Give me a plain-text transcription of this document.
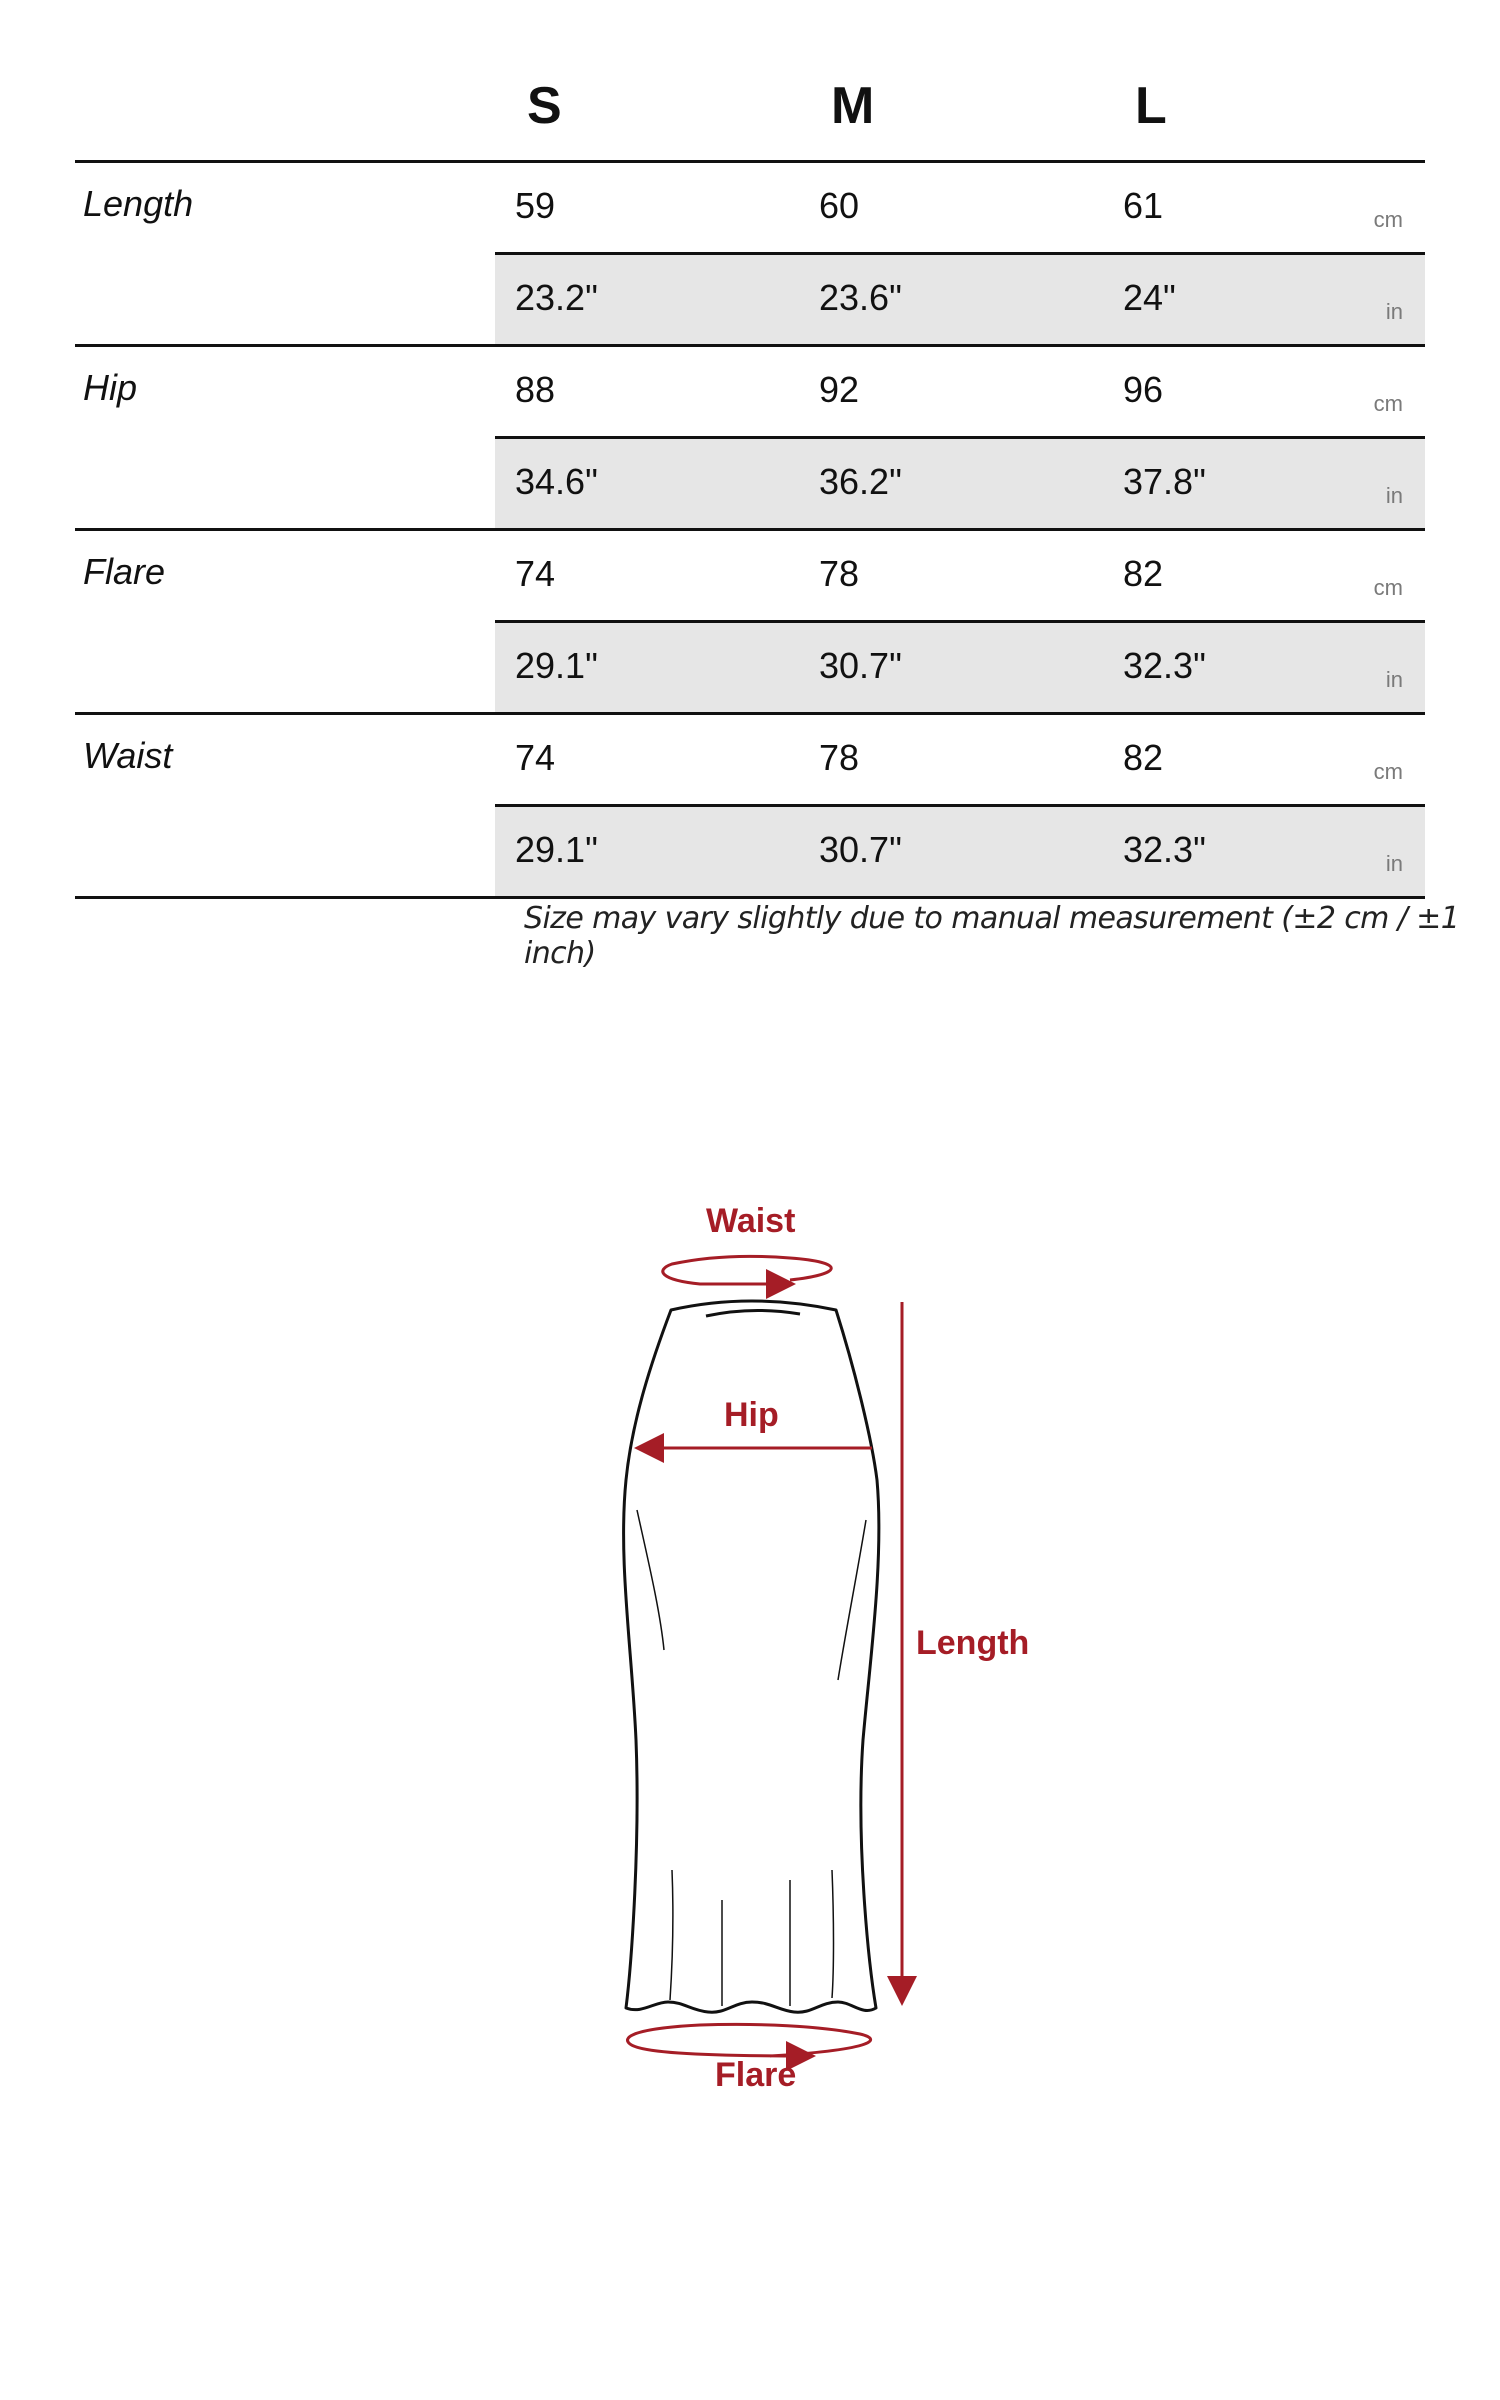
S	M	L
Length	59	60	61	cm
23.2"	23.6"	24"	in
Hip	88	92	96	cm
34.6"	36.2"	37.8"	in
Flare	74	78	82	cm
29.1"	30.7"	32.3"	in
Waist	74	78	82	cm
29.1"	30.7"	32.3"	in
Size may vary slightly due to manual measurement (±2 cm / ±1 inch)
Waist
Hip
Length
Flare
